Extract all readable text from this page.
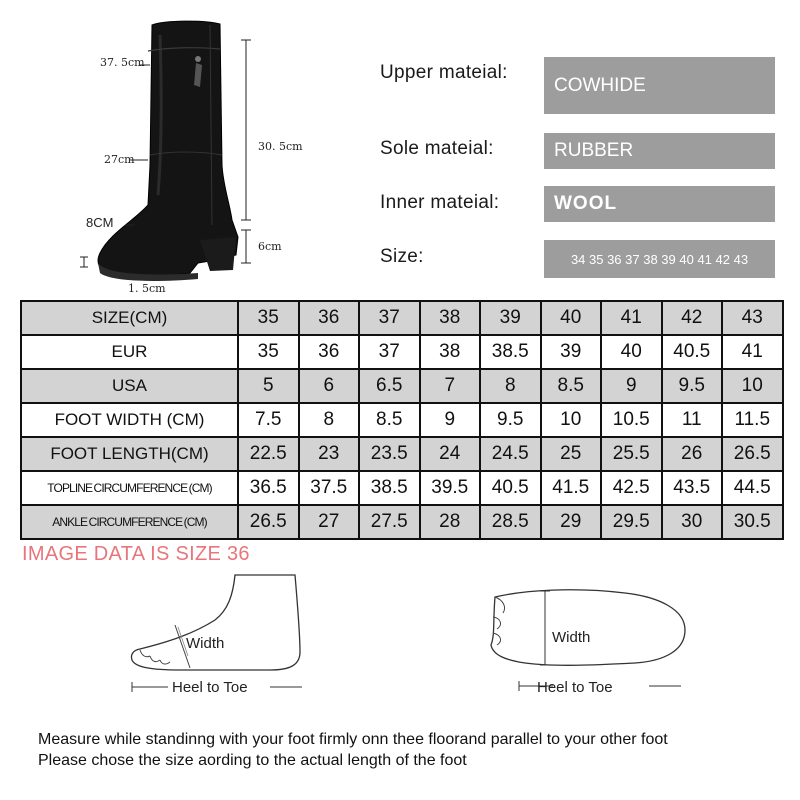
37. 5cm
27cm
30. 5cm
8CM
6cm
1. 5cm
Upper mateial:
COWHIDE
Sole mateial:	RUBBER
Inner mateial:	WOOL
Size:	34 35 36 37 38 39 40 41 42 43
SIZE(CM)	35	36	37	38	39	40	41	42	43
EUR	35	36	37	38	38.5	39	40	40.5	41
USA	5	6	6.5	7	8	8.5	9	9.5	10
FOOT WIDTH (CM)	7.5	8	8.5	9	9.5	10	10.5	11	11.5
FOOT LENGTH(CM)	22.5	23	23.5	24	24.5	25	25.5	26	26.5
TOPLINE CIRCUMFERENCE (CM)	36.5	37.5	38.5	39.5	40.5	41.5	42.5	43.5	44.5
ANKLE CIRCUMFERENCE (CM)	26.5	27	27.5	28	28.5	29	29.5	30	30.5
IMAGE DATA IS SIZE 36
Width
Heel to Toe
Width
Heel to Toe
Measure while standinng with your foot firmly onn thee floorand parallel to your other foot
Please chose the size aording to the actual length of the foot
